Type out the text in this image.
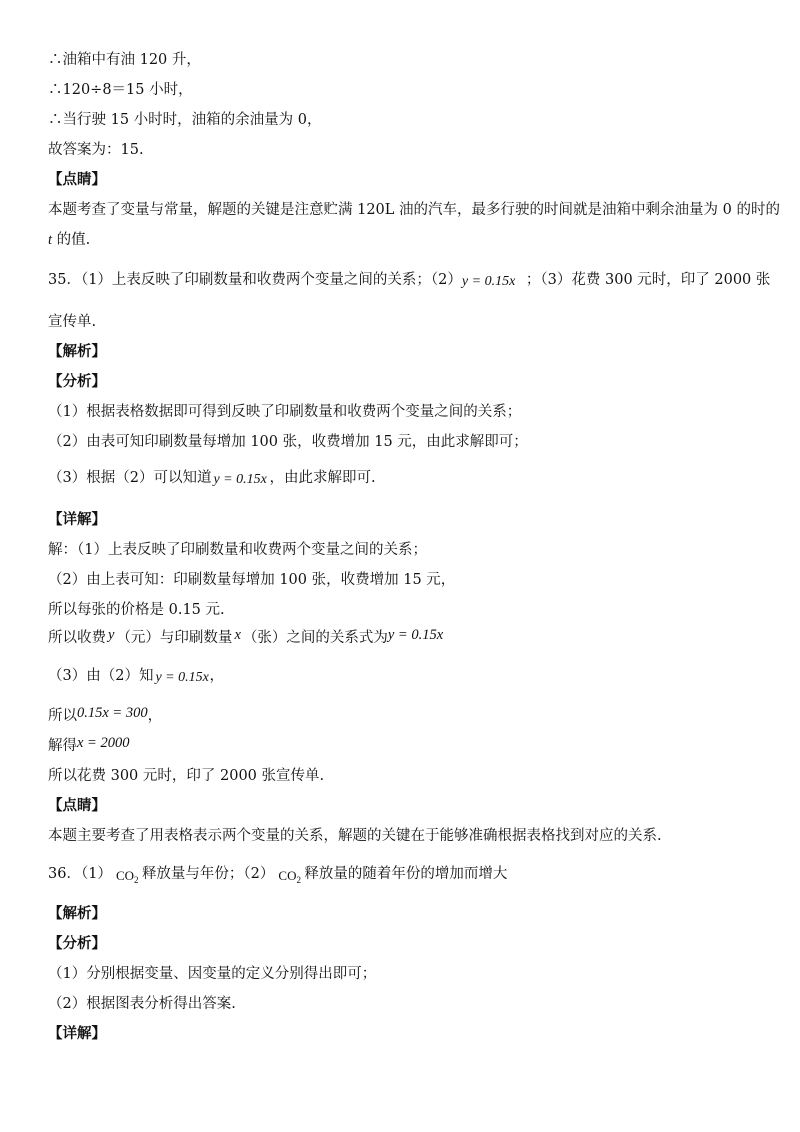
∴油箱中有油 120 升，
∴120÷8＝15 小时，
∴当行驶 15 小时时，油箱的余油量为 0，
故答案为：15.
【点睛】
本题考查了变量与常量，解题的关键是注意贮满 120L 油的汽车，最多行驶的时间就是油箱中剩余油量为 0 的时的
t 的值.
35．（1）上表反映了印刷数量和收费两个变量之间的关系；（2） y = 0.15x ；（3）花费 300 元时，印了 2000 张
宣传单.
【解析】
【分析】
（1）根据表格数据即可得到反映了印刷数量和收费两个变量之间的关系；
（2）由表可知印刷数量每增加 100 张，收费增加 15 元，由此求解即可；
（3）根据（2）可以知道 y = 0.15x ，由此求解即可.
【详解】
解：（1）上表反映了印刷数量和收费两个变量之间的关系；
（2）由上表可知：印刷数量每增加 100 张，收费增加 15 元，
所以每张的价格是 0.15 元.
所以收费 y （元）与印刷数量 x （张）之间的关系式为y = 0.15x
（3）由（2）知 y = 0.15x ，
所以0.15x = 300，
解得x = 2000
所以花费 300 元时，印了 2000 张宣传单.
【点睛】
本题主要考查了用表格表示两个变量的关系，解题的关键在于能够准确根据表格找到对应的关系.
36．（1） $CO_2$ 释放量与年份；（2） $CO_2$ 释放量的随着年份的增加而增大
【解析】
【分析】
（1）分别根据变量、因变量的定义分别得出即可；
（2）根据图表分析得出答案.
【详解】
